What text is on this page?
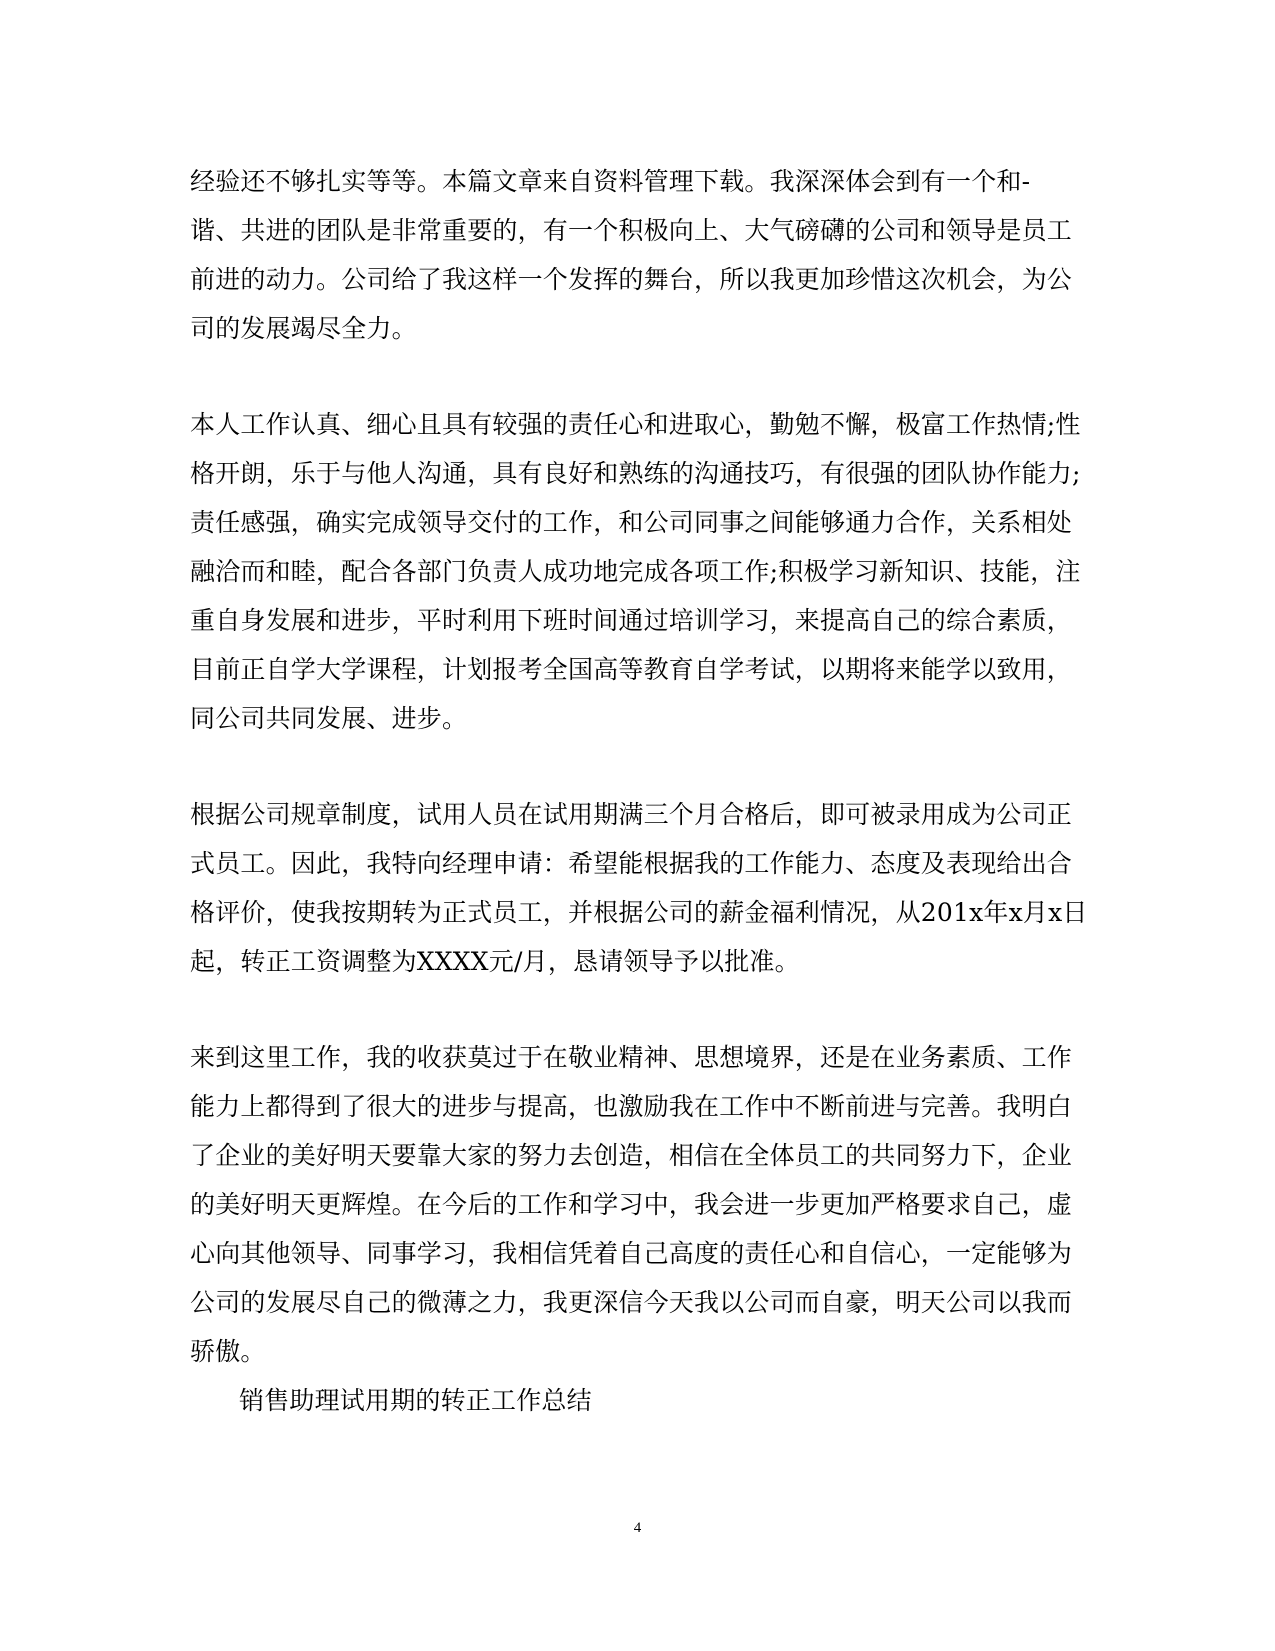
经验还不够扎实等等。本篇文章来自资料管理下载。我深深体会到有一个和-
谐、共进的团队是非常重要的，有一个积极向上、大气磅礴的公司和领导是员工
前进的动力。公司给了我这样一个发挥的舞台，所以我更加珍惜这次机会，为公
司的发展竭尽全力。
本人工作认真、细心且具有较强的责任心和进取心，勤勉不懈，极富工作热情;性
格开朗，乐于与他人沟通，具有良好和熟练的沟通技巧，有很强的团队协作能力;
责任感强，确实完成领导交付的工作，和公司同事之间能够通力合作，关系相处
融洽而和睦，配合各部门负责人成功地完成各项工作;积极学习新知识、技能，注
重自身发展和进步，平时利用下班时间通过培训学习，来提高自己的综合素质，
目前正自学大学课程，计划报考全国高等教育自学考试，以期将来能学以致用，
同公司共同发展、进步。
根据公司规章制度，试用人员在试用期满三个月合格后，即可被录用成为公司正
式员工。因此，我特向经理申请：希望能根据我的工作能力、态度及表现给出合
格评价，使我按期转为正式员工，并根据公司的薪金福利情况，从201x年x月x日
起，转正工资调整为XXXX元/月，恳请领导予以批准。
来到这里工作，我的收获莫过于在敬业精神、思想境界，还是在业务素质、工作
能力上都得到了很大的进步与提高，也激励我在工作中不断前进与完善。我明白
了企业的美好明天要靠大家的努力去创造，相信在全体员工的共同努力下，企业
的美好明天更辉煌。在今后的工作和学习中，我会进一步更加严格要求自己，虚
心向其他领导、同事学习，我相信凭着自己高度的责任心和自信心，一定能够为
公司的发展尽自己的微薄之力，我更深信今天我以公司而自豪，明天公司以我而
骄傲。
销售助理试用期的转正工作总结
4
